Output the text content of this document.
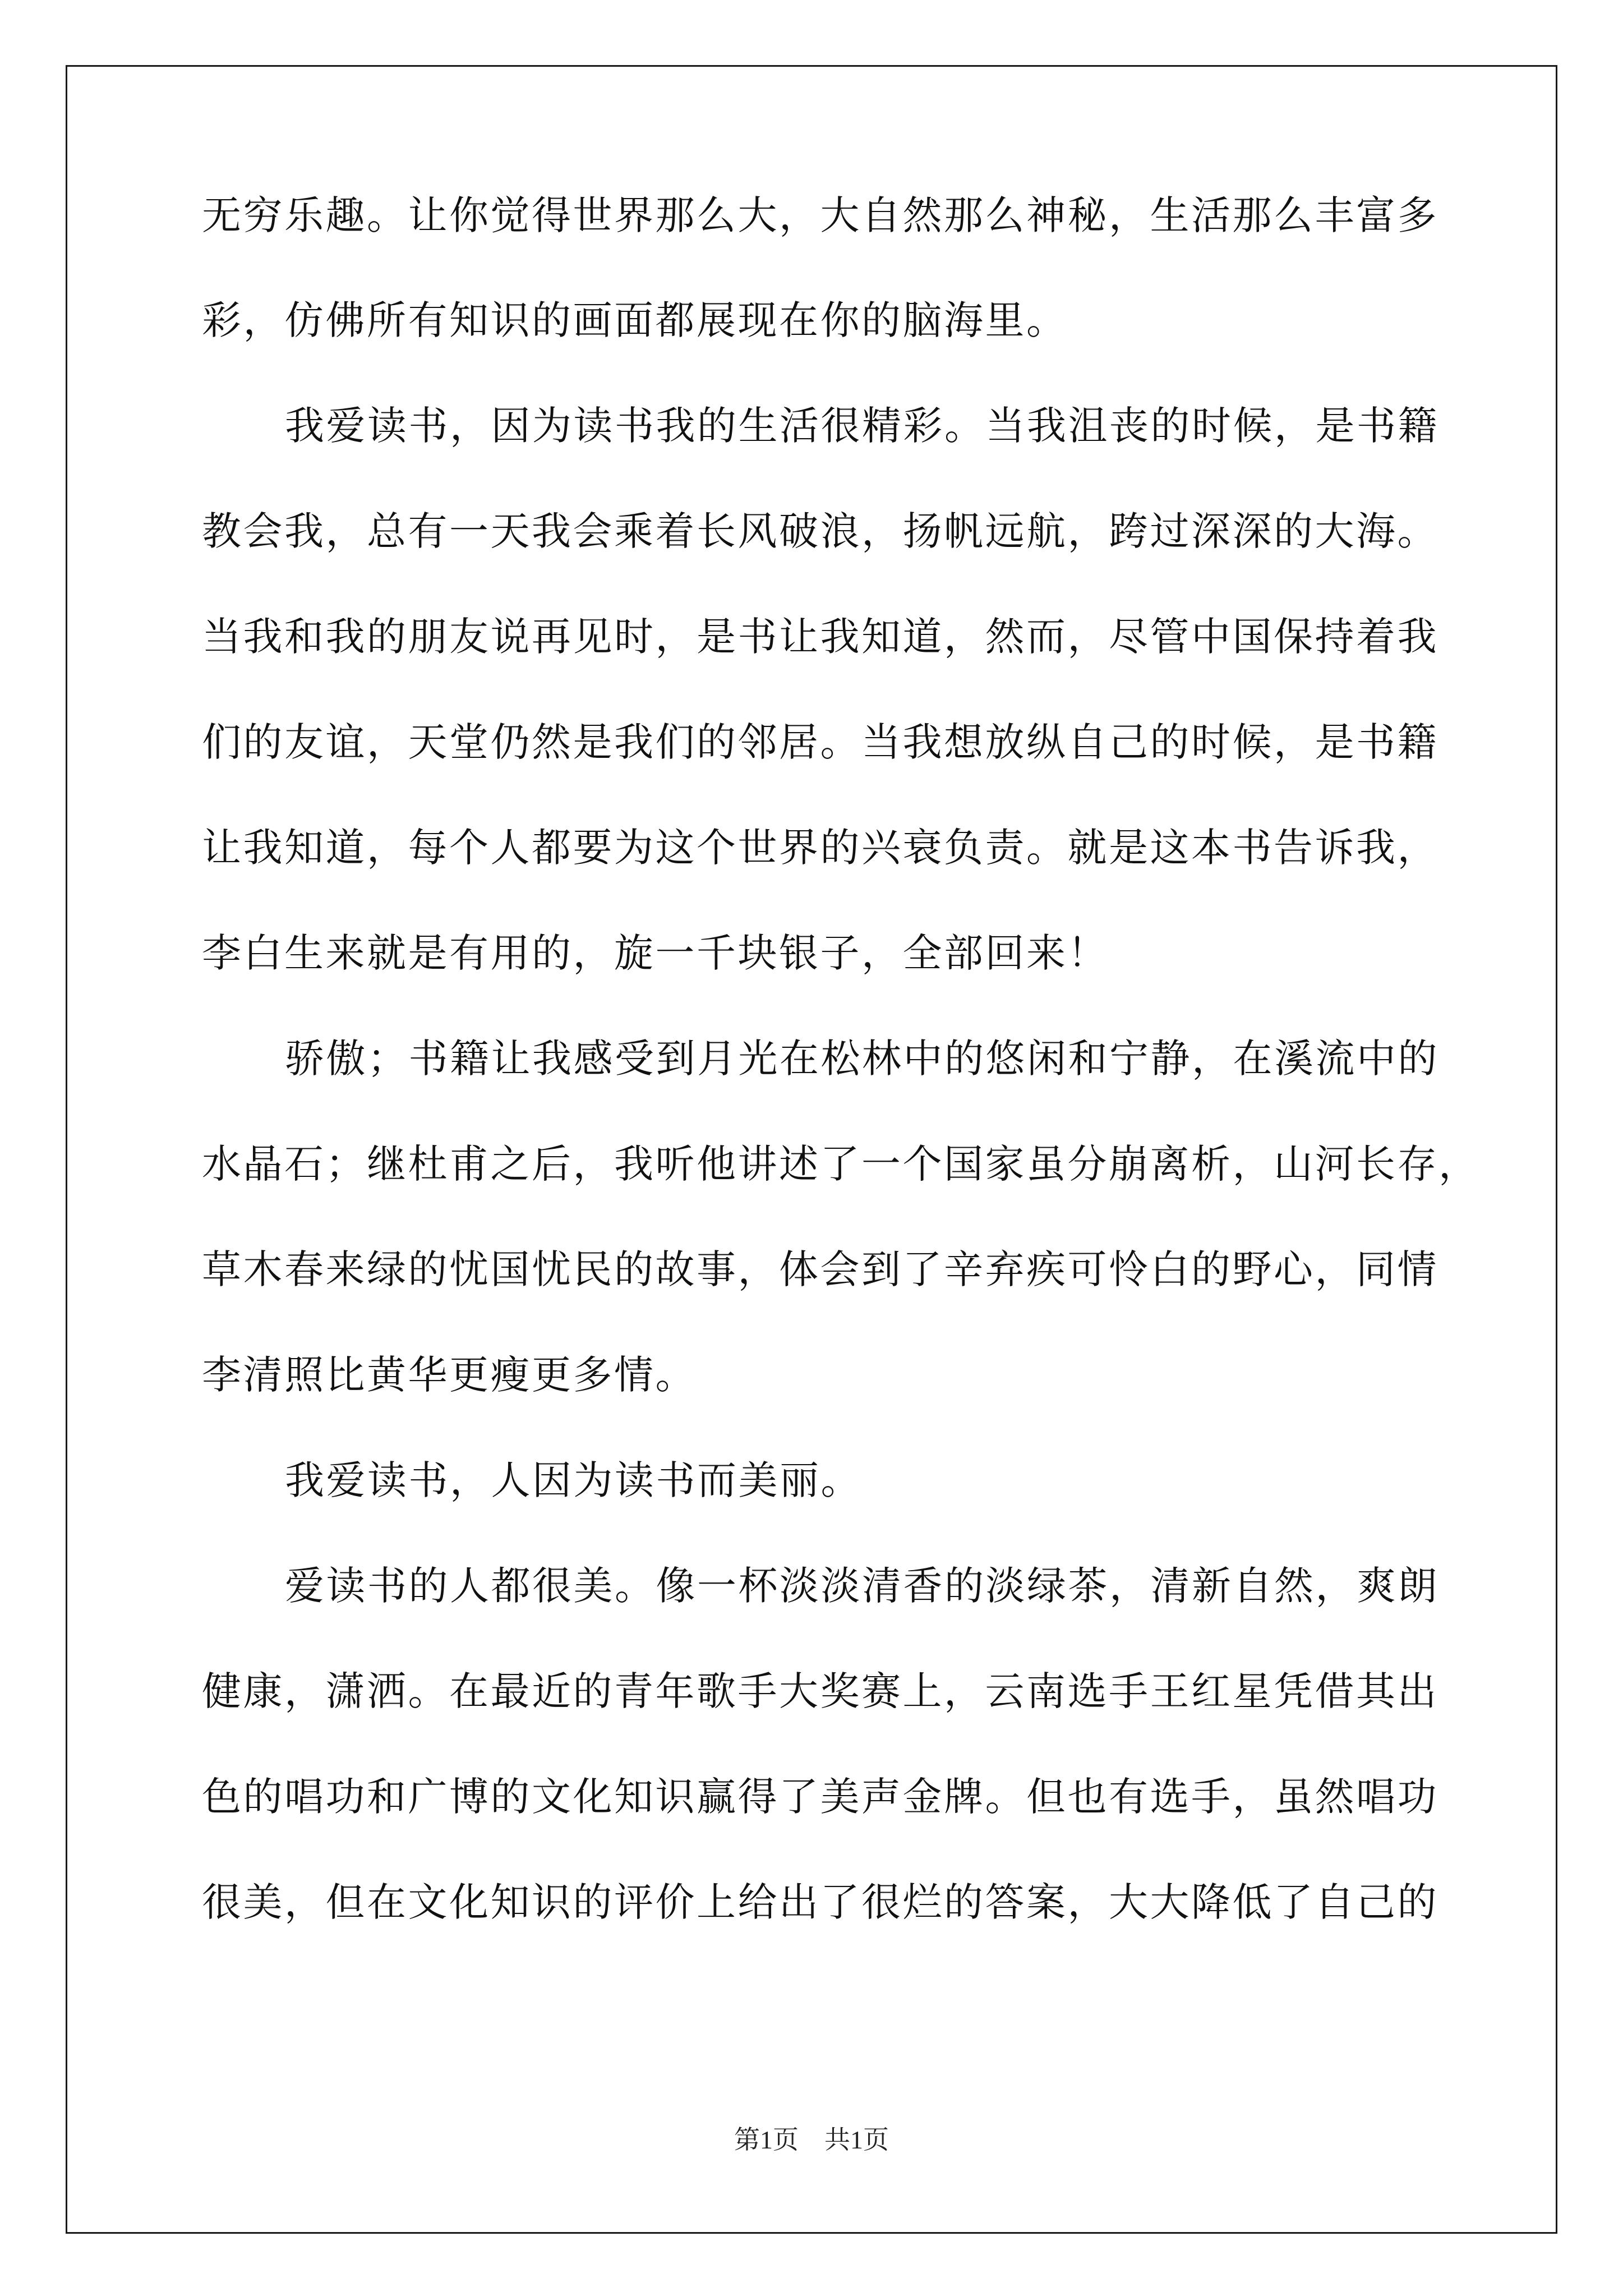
无穷乐趣。让你觉得世界那么大，大自然那么神秘，生活那么丰富多

彩，仿佛所有知识的画面都展现在你的脑海里。

我爱读书，因为读书我的生活很精彩。当我沮丧的时候，是书籍

教会我，总有一天我会乘着长风破浪，扬帆远航，跨过深深的大海。

当我和我的朋友说再见时，是书让我知道，然而，尽管中国保持着我

们的友谊，天堂仍然是我们的邻居。当我想放纵自己的时候，是书籍

让我知道，每个人都要为这个世界的兴衰负责。就是这本书告诉我，

李白生来就是有用的，旋一千块银子，全部回来！

骄傲；书籍让我感受到月光在松林中的悠闲和宁静，在溪流中的

水晶石；继杜甫之后，我听他讲述了一个国家虽分崩离析，山河长存，

草木春来绿的忧国忧民的故事，体会到了辛弃疾可怜白的野心，同情

李清照比黄华更瘦更多情。

我爱读书，人因为读书而美丽。

爱读书的人都很美。像一杯淡淡清香的淡绿茶，清新自然，爽朗

健康，潇洒。在最近的青年歌手大奖赛上，云南选手王红星凭借其出

色的唱功和广博的文化知识赢得了美声金牌。但也有选手，虽然唱功

很美，但在文化知识的评价上给出了很烂的答案，大大降低了自己的

第1页 共1页
